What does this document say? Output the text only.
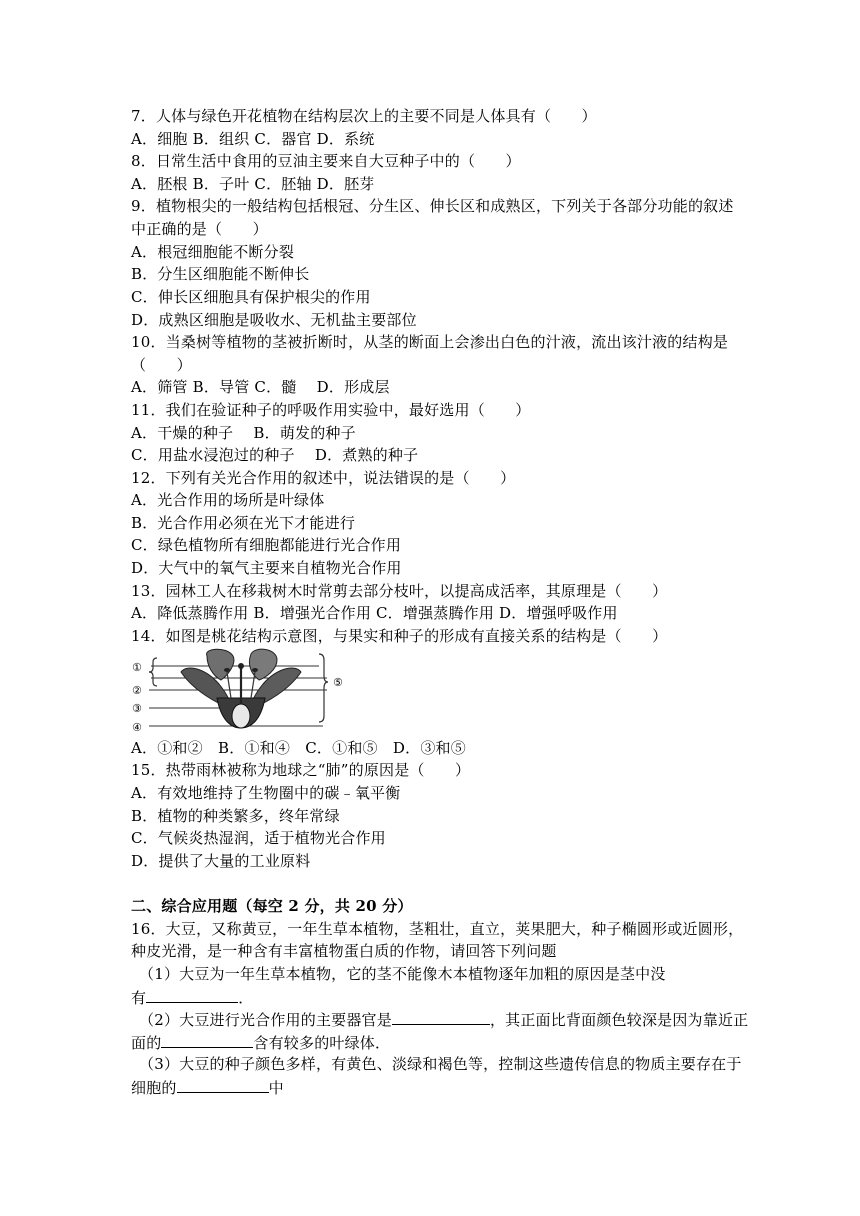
7．人体与绿色开花植物在结构层次上的主要不同是人体具有（　　）
A．细胞 B．组织 C．器官 D．系统
8．日常生活中食用的豆油主要来自大豆种子中的（　　）
A．胚根 B．子叶 C．胚轴 D．胚芽
9．植物根尖的一般结构包括根冠、分生区、伸长区和成熟区，下列关于各部分功能的叙述
中正确的是（　　）
A．根冠细胞能不断分裂
B．分生区细胞能不断伸长
C．伸长区细胞具有保护根尖的作用
D．成熟区细胞是吸收水、无机盐主要部位
10．当桑树等植物的茎被折断时，从茎的断面上会渗出白色的汁液，流出该汁液的结构是
（　　）
A．筛管 B．导管 C．髓　 D．形成层
11．我们在验证种子的呼吸作用实验中，最好选用（　　）
A．干燥的种子　 B．萌发的种子
C．用盐水浸泡过的种子　 D．煮熟的种子
12．下列有关光合作用的叙述中，说法错误的是（　　）
A．光合作用的场所是叶绿体
B．光合作用必须在光下才能进行
C．绿色植物所有细胞都能进行光合作用
D．大气中的氧气主要来自植物光合作用
13．园林工人在移栽树木时常剪去部分枝叶，以提高成活率，其原理是（　　）
A．降低蒸腾作用 B．增强光合作用 C．增强蒸腾作用 D．增强呼吸作用
14．如图是桃花结构示意图，与果实和种子的形成有直接关系的结构是（　　）
①
②
③
④
⑤
A．①和②　B．①和④　C．①和⑤　D．③和⑤
15．热带雨林被称为地球之“肺”的原因是（　　）
A．有效地维持了生物圈中的碳﹣氧平衡
B．植物的种类繁多，终年常绿
C．气候炎热湿润，适于植物光合作用
D．提供了大量的工业原料
二、综合应用题（每空 2 分，共 20 分）
16．大豆，又称黄豆，一年生草本植物，茎粗壮，直立，荚果肥大，种子椭圆形或近圆形，
种皮光滑，是一种含有丰富植物蛋白质的作物，请回答下列问题
（1）大豆为一年生草本植物，它的茎不能像木本植物逐年加粗的原因是茎中没
有	．
（2）大豆进行光合作用的主要器官是	，其正面比背面颜色较深是因为靠近正
面的	含有较多的叶绿体．
（3）大豆的种子颜色多样，有黄色、淡绿和褐色等，控制这些遗传信息的物质主要存在于
细胞的	中
